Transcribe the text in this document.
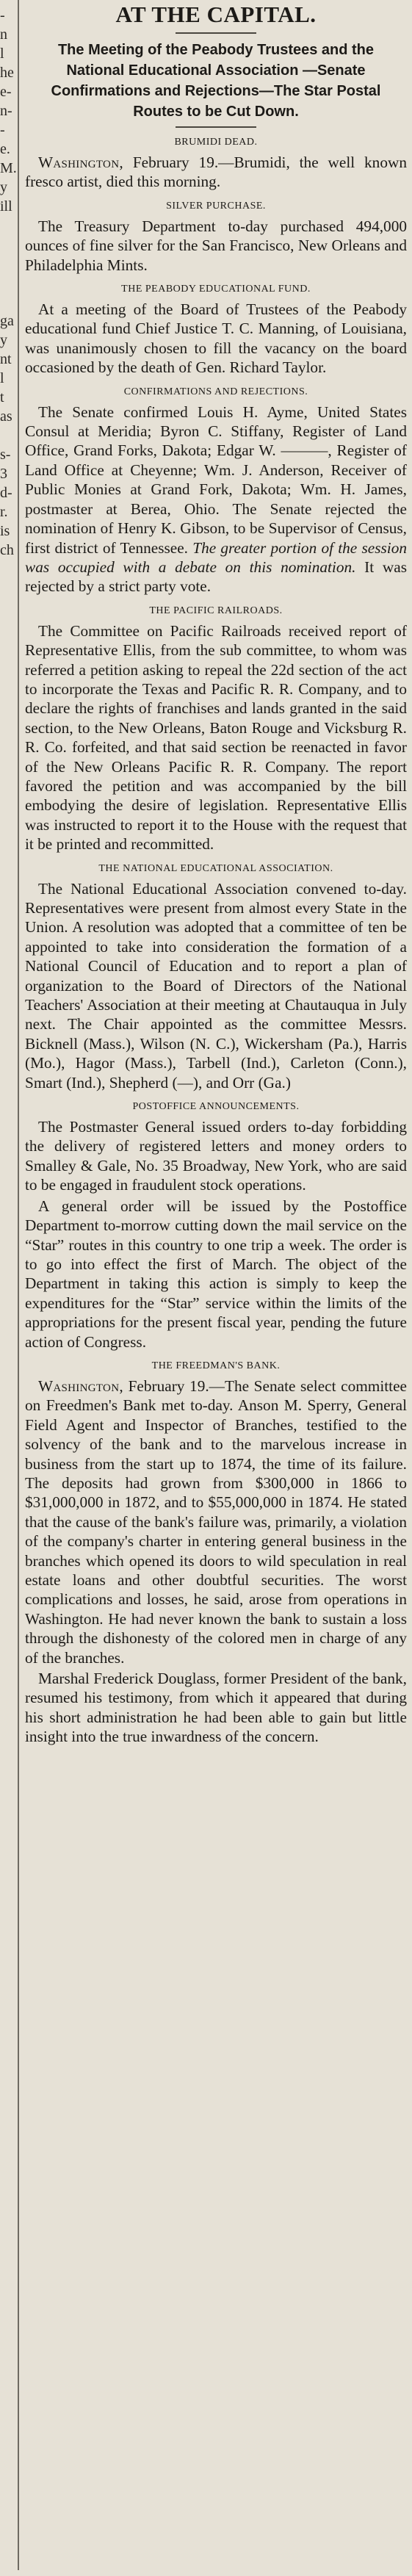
-
n
l
he
e-
n-
-
e.
M.
y
ill
ga
y
nt
l
t
as
s-
3
d-
r.
is
ch
AT THE CAPITAL.
The Meeting of the Peabody Trustees and the National Educational Association —Senate Confirmations and Rejections—The Star Postal Routes to be Cut Down.
BRUMIDI DEAD.

Washington, February 19.—Brumidi, the well known fresco artist, died this morning.

SILVER PURCHASE.

The Treasury Department to-day purchased 494,000 ounces of fine silver for the San Francisco, New Orleans and Philadelphia Mints.

THE PEABODY EDUCATIONAL FUND.

At a meeting of the Board of Trustees of the Peabody educational fund Chief Justice T. C. Manning, of Louisiana, was unanimously chosen to fill the vacancy on the board occasioned by the death of Gen. Richard Taylor.

CONFIRMATIONS AND REJECTIONS.

The Senate confirmed Louis H. Ayme, United States Consul at Meridia; Byron C. Stiffany, Register of Land Office, Grand Forks, Dakota; Edgar W. ———, Register of Land Office at Cheyenne; Wm. J. Anderson, Receiver of Public Monies at Grand Fork, Dakota; Wm. H. James, postmaster at Berea, Ohio. The Senate rejected the nomination of Henry K. Gibson, to be Supervisor of Census, first district of Tennessee. The greater portion of the session was occupied with a debate on this nomination. It was rejected by a strict party vote.

THE PACIFIC RAILROADS.

The Committee on Pacific Railroads received report of Representative Ellis, from the sub committee, to whom was referred a petition asking to repeal the 22d section of the act to incorporate the Texas and Pacific R. R. Company, and to declare the rights of franchises and lands granted in the said section, to the New Orleans, Baton Rouge and Vicksburg R. R. Co. forfeited, and that said section be reenacted in favor of the New Orleans Pacific R. R. Company. The report favored the petition and was accompanied by the bill embodying the desire of legislation. Representative Ellis was instructed to report it to the House with the request that it be printed and recommitted.

THE NATIONAL EDUCATIONAL ASSOCIATION.

The National Educational Association convened to-day. Representatives were present from almost every State in the Union. A resolution was adopted that a committee of ten be appointed to take into consideration the formation of a National Council of Education and to report a plan of organization to the Board of Directors of the National Teachers' Association at their meeting at Chautauqua in July next. The Chair appointed as the committee Messrs. Bicknell (Mass.), Wilson (N. C.), Wickersham (Pa.), Harris (Mo.), Hagor (Mass.), Tarbell (Ind.), Carleton (Conn.), Smart (Ind.), Shepherd (—), and Orr (Ga.)

POSTOFFICE ANNOUNCEMENTS.

The Postmaster General issued orders to-day forbidding the delivery of registered letters and money orders to Smalley & Gale, No. 35 Broadway, New York, who are said to be engaged in fraudulent stock operations.

A general order will be issued by the Postoffice Department to-morrow cutting down the mail service on the “Star” routes in this country to one trip a week. The order is to go into effect the first of March. The object of the Department in taking this action is simply to keep the expenditures for the “Star” service within the limits of the appropriations for the present fiscal year, pending the future action of Congress.

THE FREEDMAN'S BANK.

Washington, February 19.—The Senate select committee on Freedmen's Bank met to-day. Anson M. Sperry, General Field Agent and Inspector of Branches, testified to the solvency of the bank and to the marvelous increase in business from the start up to 1874, the time of its failure. The deposits had grown from $300,000 in 1866 to $31,000,000 in 1872, and to $55,000,000 in 1874. He stated that the cause of the bank's failure was, primarily, a violation of the company's charter in entering general business in the branches which opened its doors to wild speculation in real estate loans and other doubtful securities. The worst complications and losses, he said, arose from operations in Washington. He had never known the bank to sustain a loss through the dishonesty of the colored men in charge of any of the branches.

Marshal Frederick Douglass, former President of the bank, resumed his testimony, from which it appeared that during his short administration he had been able to gain but little insight into the true inwardness of the concern.
